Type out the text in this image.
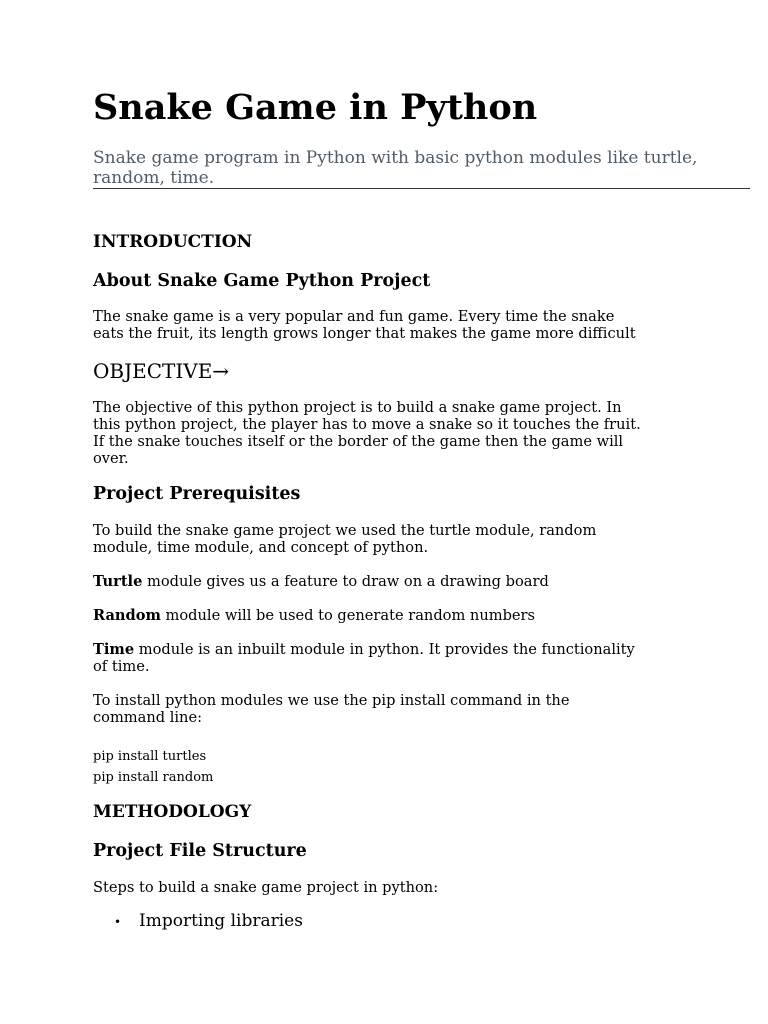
Snake Game in Python
Snake game program in Python with basic python modules like turtle, random, time.
INTRODUCTION
About Snake Game Python Project
The snake game is a very popular and fun game. Every time the snake
eats the fruit, its length grows longer that makes the game more difficult
OBJECTIVE→
The objective of this python project is to build a snake game project. In
this python project, the player has to move a snake so it touches the fruit.
If the snake touches itself or the border of the game then the game will
over.
Project Prerequisites
To build the snake game project we used the turtle module, random
module, time module, and concept of python.
Turtle module gives us a feature to draw on a drawing board
Random module will be used to generate random numbers
Time module is an inbuilt module in python. It provides the functionality
of time.
To install python modules we use the pip install command in the
command line:
pip install turtles
pip install random
METHODOLOGY
Project File Structure
Steps to build a snake game project in python:
• Importing libraries
